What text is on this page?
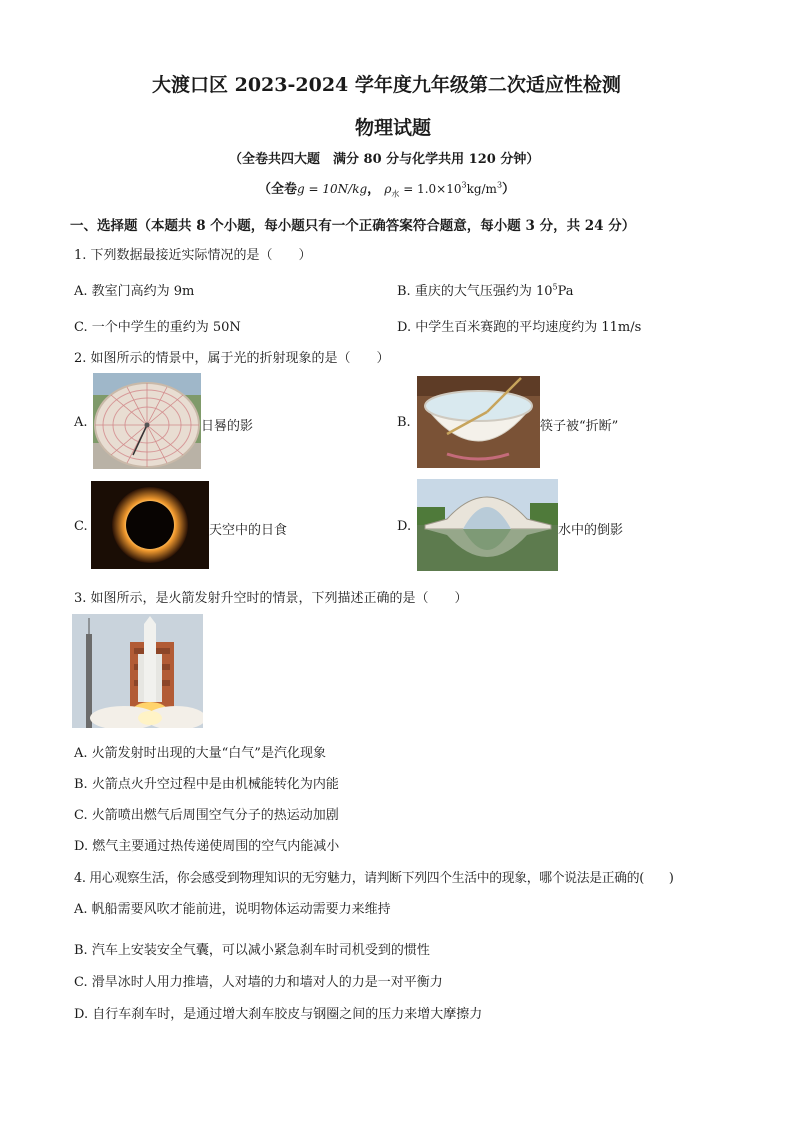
大渡口区 2023-2024 学年度九年级第二次适应性检测
物理试题
（全卷共四大题　满分 80 分与化学共用 120 分钟）
（全卷g = 10N/kg， $\rho_水 = 1.0\times 10^3kg/m^3$）
一、选择题（本题共 8 个小题，每小题只有一个正确答案符合题意，每小题 3 分，共 24 分）
1. 下列数据最接近实际情况的是（　　）
A. 教室门高约为 9m	B. 重庆的大气压强约为 $10^5Pa$
C. 一个中学生的重约为 50N	D. 中学生百米赛跑的平均速度约为 11m/s
2. 如图所示的情景中，属于光的折射现象的是（　　）
A.	日晷的影	B.	筷子被“折断”
C.	天空中的日食	D.	水中的倒影
3. 如图所示，是火箭发射升空时的情景，下列描述正确的是（　　）
A. 火箭发射时出现的大量“白气”是汽化现象
B. 火箭点火升空过程中是由机械能转化为内能
C. 火箭喷出燃气后周围空气分子的热运动加剧
D. 燃气主要通过热传递使周围的空气内能减小
4. 用心观察生活，你会感受到物理知识的无穷魅力，请判断下列四个生活中的现象，哪个说法是正确的(　　)
A. 帆船需要风吹才能前进，说明物体运动需要力来维持
B. 汽车上安装安全气囊，可以减小紧急刹车时司机受到的惯性
C. 滑旱冰时人用力推墙，人对墙的力和墙对人的力是一对平衡力
D. 自行车刹车时，是通过增大刹车胶皮与钢圈之间的压力来增大摩擦力
